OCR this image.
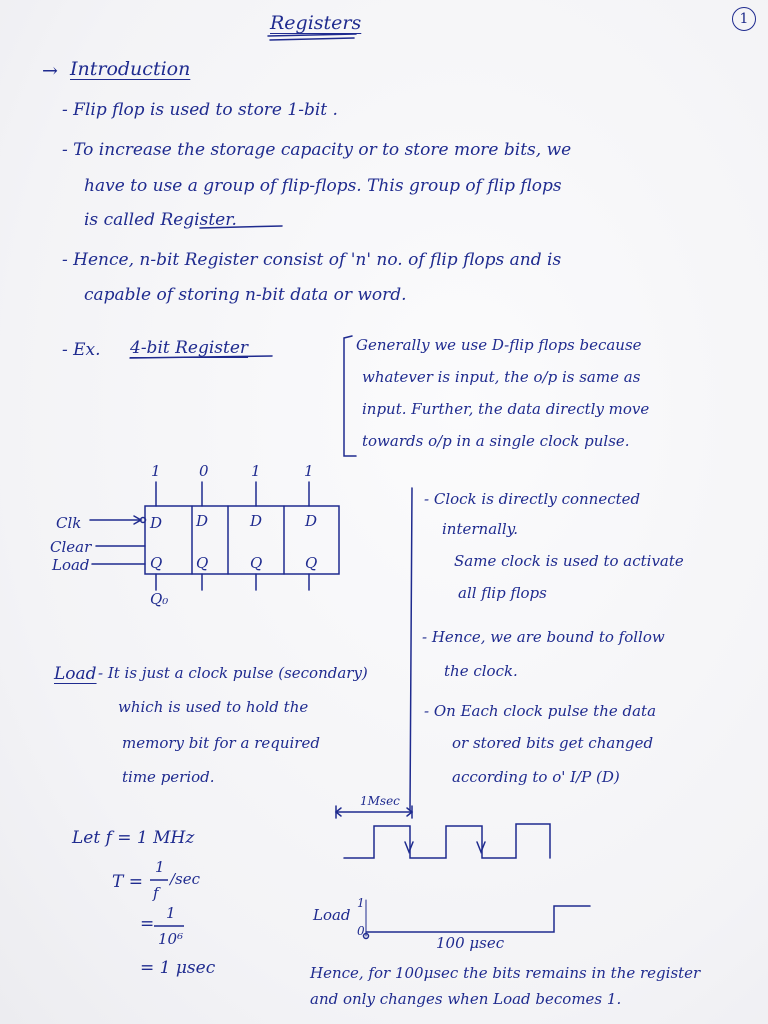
1
Registers
→ Introduction
- Flip flop is used to store 1-bit .
- To increase the storage capacity or to store more bits, we
have to use a group of flip-flops. This group of flip flops
is called Register.
- Hence, n-bit Register consist of 'n' no. of flip flops and is
capable of storing n-bit data or word.
- Ex. 4-bit Register	Generally we use D-flip flops because
whatever is input, the o/p is same as
input. Further, the data directly move
towards o/p in a single clock pulse.
1	0	1	1
D D	D	D
Q Q	Q	Q
Clk
Clear
Load
Q₀
- Clock is directly connected
internally.
Same clock is used to activate
all flip flops
- Hence, we are bound to follow
the clock.
- On Each clock pulse the data
or stored bits get changed
according to o' I/P (D)
Load - It is just a clock pulse (secondary)
which is used to hold the
memory bit for a required
time period.
Let f = 1 MHz
T =
1
f
/sec
=
1
10⁶
= 1 μsec
1Msec
Load
1
0
100 μsec
Hence, for 100μsec the bits remains in the register
and only changes when Load becomes 1.
